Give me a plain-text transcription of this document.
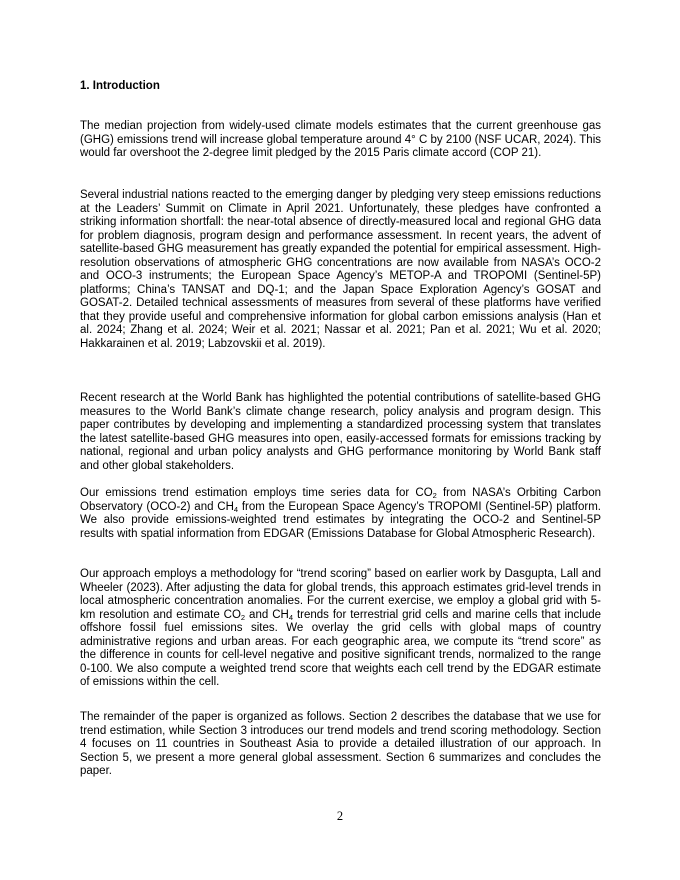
1. Introduction

The median projection from widely-used climate models estimates that the current greenhouse gas (GHG) emissions trend will increase global temperature around 4° C by 2100 (NSF UCAR, 2024). This would far overshoot the 2-degree limit pledged by the 2015 Paris climate accord (COP 21).

Several industrial nations reacted to the emerging danger by pledging very steep emissions reductions at the Leaders’ Summit on Climate in April 2021. Unfortunately, these pledges have confronted a striking information shortfall: the near-total absence of directly-measured local and regional GHG data for problem diagnosis, program design and performance assessment. In recent years, the advent of satellite-based GHG measurement has greatly expanded the potential for empirical assessment. High-resolution observations of atmospheric GHG concentrations are now available from NASA’s OCO-2 and OCO-3 instruments; the European Space Agency’s METOP-A and TROPOMI (Sentinel-5P) platforms; China’s TANSAT and DQ-1; and the Japan Space Exploration Agency’s GOSAT and GOSAT-2. Detailed technical assessments of measures from several of these platforms have verified that they provide useful and comprehensive information for global carbon emissions analysis (Han et al. 2024; Zhang et al. 2024; Weir et al. 2021; Nassar et al. 2021; Pan et al. 2021; Wu et al. 2020; Hakkarainen et al. 2019; Labzovskii et al. 2019).

Recent research at the World Bank has highlighted the potential contributions of satellite-based GHG measures to the World Bank’s climate change research, policy analysis and program design. This paper contributes by developing and implementing a standardized processing system that translates the latest satellite-based GHG measures into open, easily-accessed formats for emissions tracking by national, regional and urban policy analysts and GHG performance monitoring by World Bank staff and other global stakeholders.

Our emissions trend estimation employs time series data for $CO_2$ from NASA’s Orbiting Carbon Observatory (OCO-2) and $CH_4$ from the European Space Agency’s TROPOMI (Sentinel-5P) platform. We also provide emissions-weighted trend estimates by integrating the OCO-2 and Sentinel-5P results with spatial information from EDGAR (Emissions Database for Global Atmospheric Research).

Our approach employs a methodology for “trend scoring” based on earlier work by Dasgupta, Lall and Wheeler (2023). After adjusting the data for global trends, this approach estimates grid-level trends in local atmospheric concentration anomalies. For the current exercise, we employ a global grid with 5-km resolution and estimate $CO_2$ and $CH_4$ trends for terrestrial grid cells and marine cells that include offshore fossil fuel emissions sites. We overlay the grid cells with global maps of country administrative regions and urban areas. For each geographic area, we compute its “trend score” as the difference in counts for cell-level negative and positive significant trends, normalized to the range 0-100. We also compute a weighted trend score that weights each cell trend by the EDGAR estimate of emissions within the cell.

The remainder of the paper is organized as follows. Section 2 describes the database that we use for trend estimation, while Section 3 introduces our trend models and trend scoring methodology. Section 4 focuses on 11 countries in Southeast Asia to provide a detailed illustration of our approach. In Section 5, we present a more general global assessment. Section 6 summarizes and concludes the paper.

2
